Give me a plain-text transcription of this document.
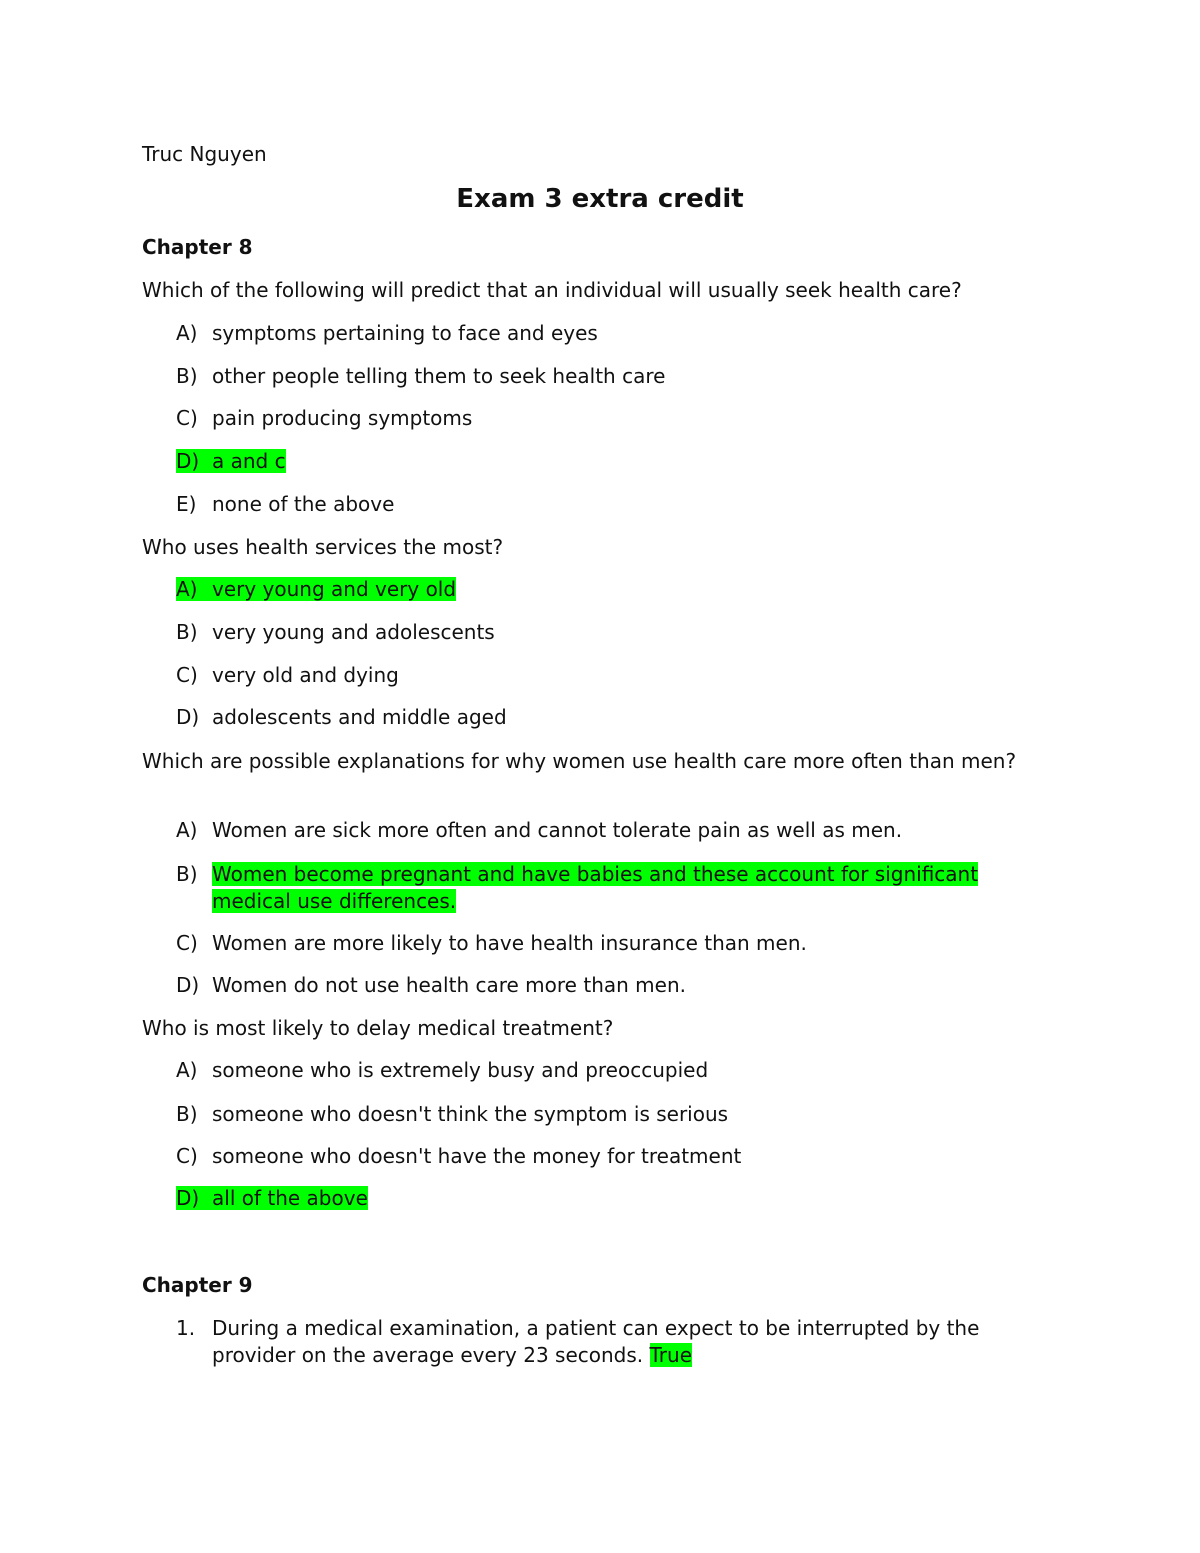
Truc Nguyen
Exam 3 extra credit
Chapter 8
Which of the following will predict that an individual will usually seek health care?
A) symptoms pertaining to face and eyes
B) other people telling them to seek health care
C) pain producing symptoms
D) a and c
E) none of the above
Who uses health services the most?
A) very young and very old
B) very young and adolescents
C) very old and dying
D) adolescents and middle aged
Which are possible explanations for why women use health care more often than men?
A) Women are sick more often and cannot tolerate pain as well as men.
B) Women become pregnant and have babies and these account for significant medical use differences.
C) Women are more likely to have health insurance than men.
D) Women do not use health care more than men.
Who is most likely to delay medical treatment?
A) someone who is extremely busy and preoccupied
B) someone who doesn't think the symptom is serious
C) someone who doesn't have the money for treatment
D) all of the above
Chapter 9
1. During a medical examination, a patient can expect to be interrupted by the provider on the average every 23 seconds. True
